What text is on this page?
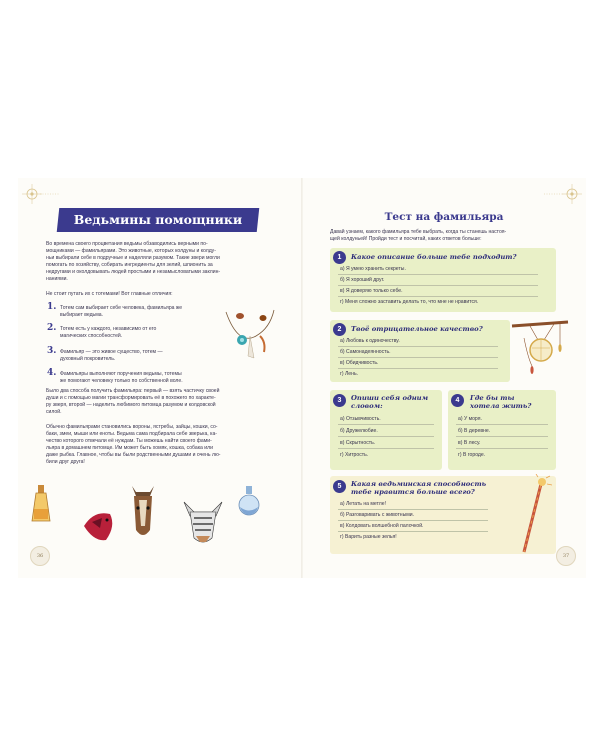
Ведьмины помощники
Во времена своего процветания ведьмы обзаводились верными по-
мощниками — фамильярами. Это животные, которых колдуны и колду-
ньи выбирали себе в подручные и наделяли разумом. Такие звери могли
помогать по хозяйству, собирать ингредиенты для зелий, шпионить за
недругами и околдовывать людей простыми и незамысловатыми заклин-
наниями.
Не стоит путать их с тотемами! Вот главные отличия:
1. Тотем сам выбирает себе человека, фамильяра же
выбирает ведьма.
2. Тотем есть у каждого, независимо от его
магических способностей.
3. Фамильяр — это живое существо, тотем —
духовный покровитель.
4. Фамильяры выполняют поручения ведьмы, тотемы
же помогают человеку только по собственной воле.
Было два способа получить фамильяра: первый — взять частичку своей
души и с помощью магии трансформировать её в похожего по характе-
ру зверя, второй — наделить любимого питомца разумом и колдовской
силой.
Обычно фамильярами становились вороны, ястребы, зайцы, кошки, со-
баки, змеи, мыши или еноты. Ведьма сама подбирала себе зверька, ка-
чество которого отвечали её нуждам. Ты можешь найти своего фами-
льяра в домашнем питомце. Им может быть хомяк, кошка, собака или
даже рыбка. Главное, чтобы вы были родственными душами и очень лю-
били друг друга!
36
Тест на фамильяра
Давай узнаем, какого фамильяра тебе выбрать, когда ты станешь настоя-
щей колдуньей! Пройди тест и посчитай, каких ответов больше:
1	Какое описание больше тебе подходит?
а) Я умею хранить секреты.
б) Я хороший друг.
в) Я доверяю только себе.
г) Меня сложно заставить делать то, что мне не нравится.
2	Твоё отрицательное качество?
а) Любовь к одиночеству.
б) Самонадеянность.
в) Обидчивость.
г) Лень.
3	Опиши себя одним
словом:
а) Отзывчивость.
б) Дружелюбие.
в) Скрытность.
г) Хитрость.
4	Где бы ты
хотела жить?
а) У моря.
б) В деревне.
в) В лесу.
г) В городе.
5	Какая ведьминская способность
тебе нравится больше всего?
а) Летать на метле!
б) Разговаривать с животными.
в) Колдовать волшебной палочкой.
г) Варить разные зелья!
37
